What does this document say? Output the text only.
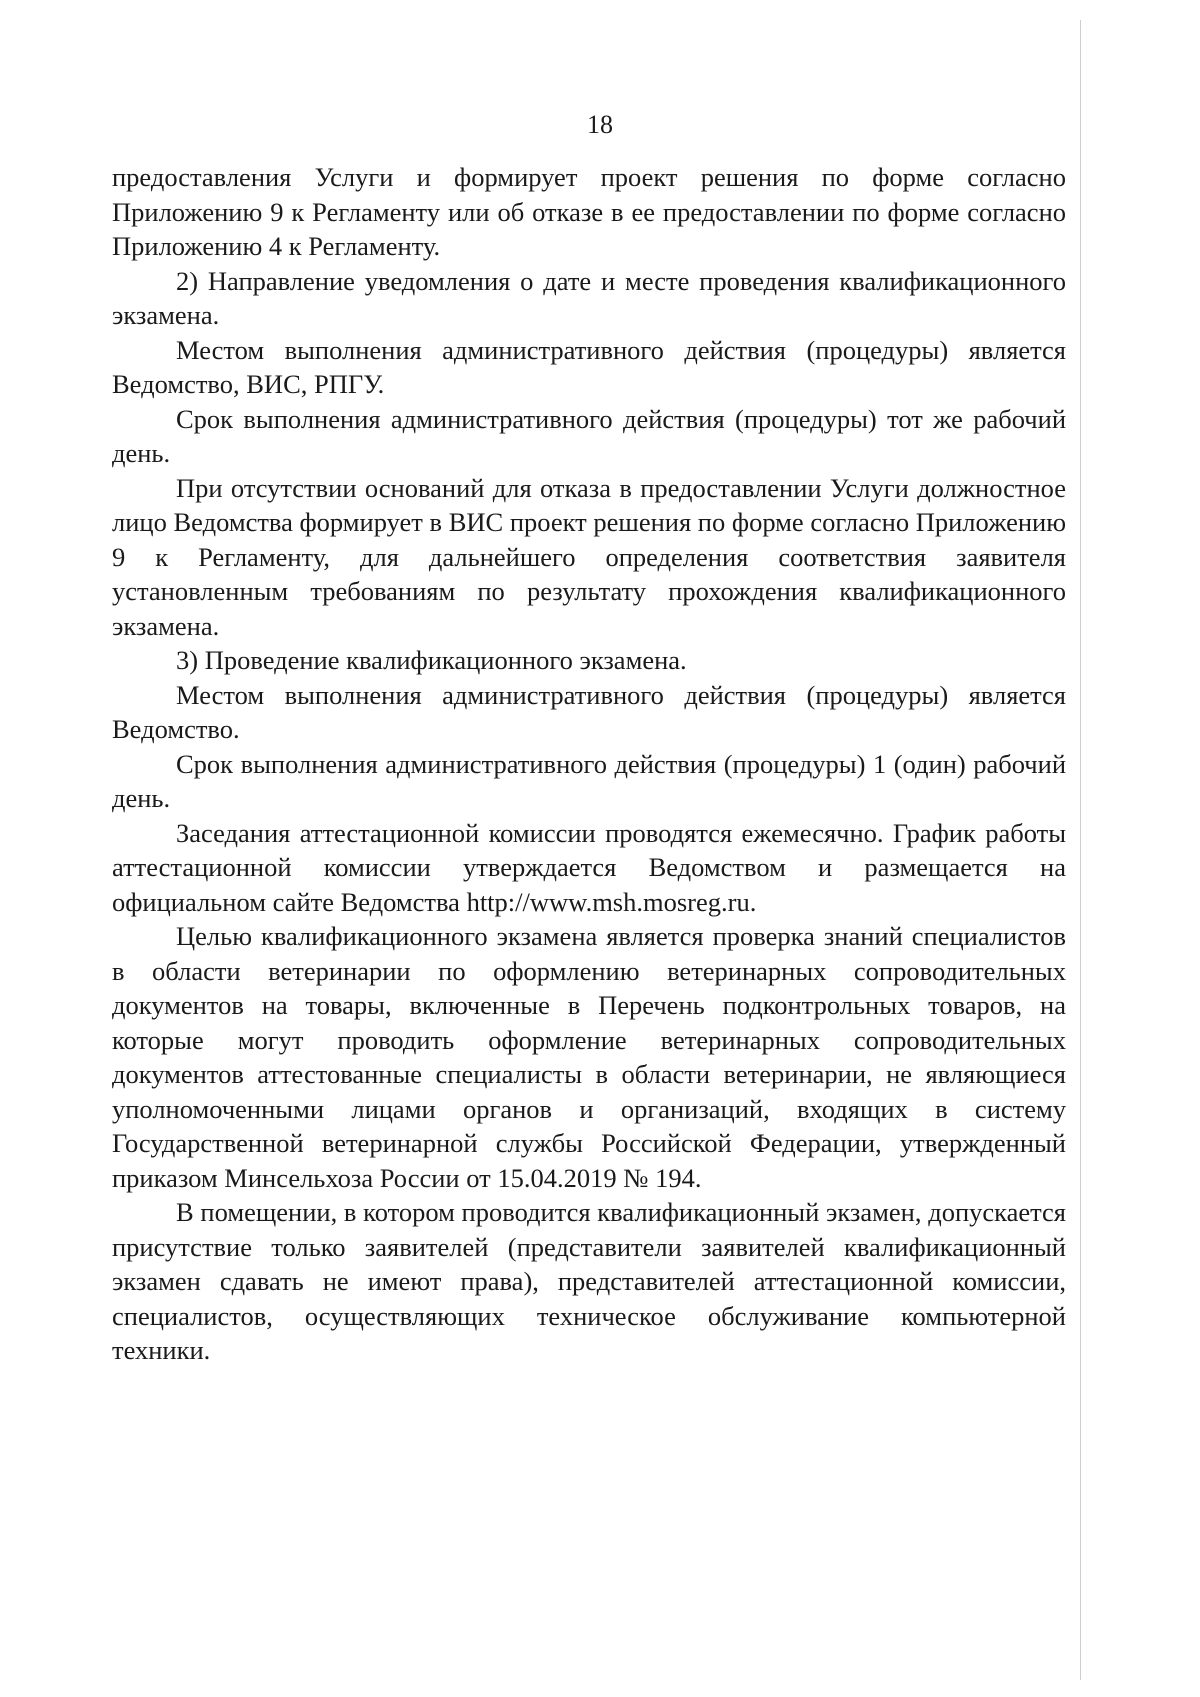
18

предоставления Услуги и формирует проект решения по форме согласно Приложению 9 к Регламенту или об отказе в ее предоставлении по форме согласно Приложению 4 к Регламенту.

2) Направление уведомления о дате и месте проведения квалификационного экзамена.

Местом выполнения административного действия (процедуры) является Ведомство, ВИС, РПГУ.

Срок выполнения административного действия (процедуры) тот же рабочий день.

При отсутствии оснований для отказа в предоставлении Услуги должностное лицо Ведомства формирует в ВИС проект решения по форме согласно Приложению 9 к Регламенту, для дальнейшего определения соответствия заявителя установленным требованиям по результату прохождения квалификационного экзамена.

3) Проведение квалификационного экзамена.

Местом выполнения административного действия (процедуры) является Ведомство.

Срок выполнения административного действия (процедуры) 1 (один) рабочий день.

Заседания аттестационной комиссии проводятся ежемесячно. График работы аттестационной комиссии утверждается Ведомством и размещается на официальном сайте Ведомства http://www.msh.mosreg.ru.

Целью квалификационного экзамена является проверка знаний специалистов в области ветеринарии по оформлению ветеринарных сопроводительных документов на товары, включенные в Перечень подконтрольных товаров, на которые могут проводить оформление ветеринарных сопроводительных документов аттестованные специалисты в области ветеринарии, не являющиеся уполномоченными лицами органов и организаций, входящих в систему Государственной ветеринарной службы Российской Федерации, утвержденный приказом Минсельхоза России от 15.04.2019 № 194.

В помещении, в котором проводится квалификационный экзамен, допускается присутствие только заявителей (представители заявителей квалификационный экзамен сдавать не имеют права), представителей аттестационной комиссии, специалистов, осуществляющих техническое обслуживание компьютерной техники.
